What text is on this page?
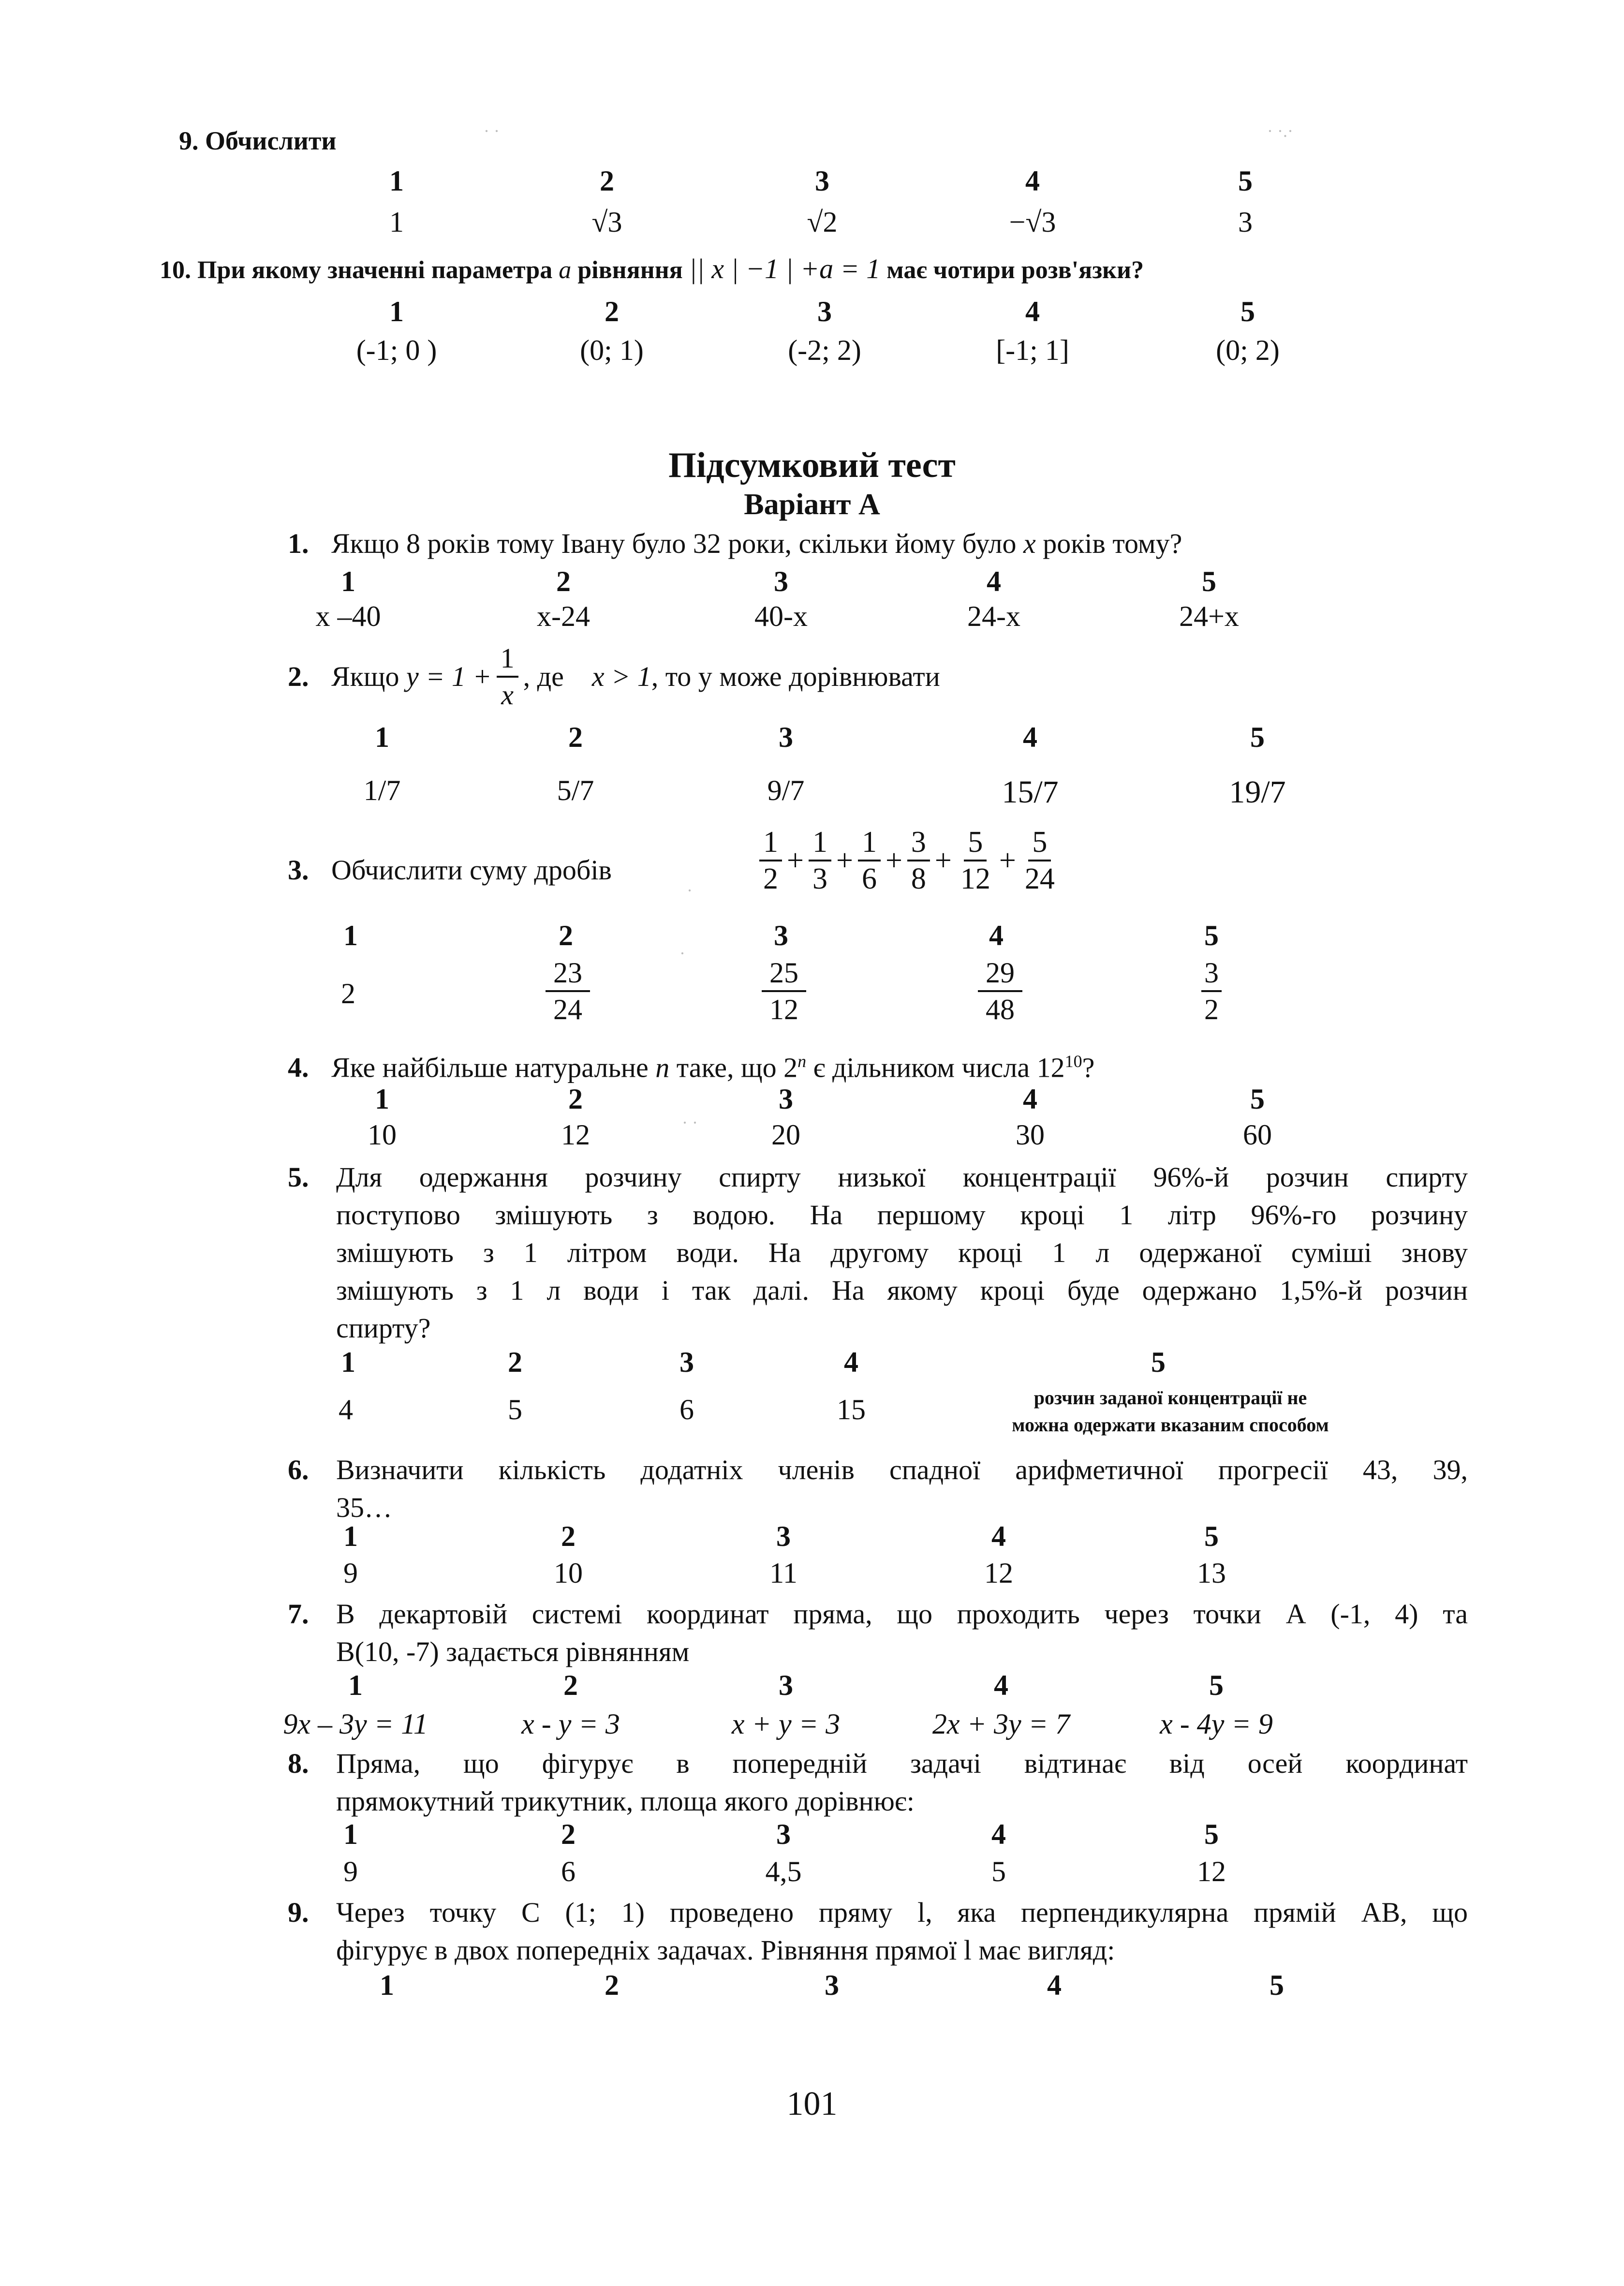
9. Обчислити
1	2	3	4	5
1	√3	√2	−√3	3
10. При якому значенні параметра a рівняння || x | −1 | +a = 1 має чотири розв'язки?
1	2	3	4	5
(-1; 0 )	(0; 1)	(-2; 2)	[-1; 1]	(0; 2)
Підсумковий тест
Варіант А
1. Якщо 8 років тому Івану було 32 роки, скільки йому було x років тому?
1	2	3	4	5
x –40	x-24	40-x	24-x	24+x
2. Якщо
$y = 1 + \frac{1}{x}$ , де
x > 1 , то y може дорівнювати
1	2	3	4	5
1/7	5/7	9/7	15/7	19/7
3. Обчислити суму дробів	$\frac{1}{2} + \frac{1}{3} + \frac{1}{6} + \frac{3}{8} + \frac{5}{12} + \frac{5}{24}$
1	2	3	4	5
2	$\frac{23}{24}$	$\frac{25}{12}$	$\frac{29}{48}$	$\frac{3}{2}$
4. Яке найбільше натуральне n таке, що 2$^n$ є дільником числа $12^{10}$?
1	2	3	4	5
10	12	20	30	60
5. Для одержання розчину спирту низької концентрації 96%-й розчин спирту
поступово змішують з водою. На першому кроці 1 літр 96%-го розчину
змішують з 1 літром води. На другому кроці 1 л одержаної суміші знову
змішують з 1 л води і так далі. На якому кроці буде одержано 1,5%-й розчин
спирту?
1	2	3	4	5
4	5	6	15	розчин заданої концентрації не
можна одержати вказаним способом
6. Визначити кількість додатніх членів спадної арифметичної прогресії 43, 39,
35…
1	2	3	4	5
9	10	11	12	13
7. В декартовій системі координат пряма, що проходить через точки А (-1, 4) та
В(10, -7) задається рівнянням
1	2	3	4	5
9x – 3y = 11	x - y = 3	x + y = 3	2x + 3y = 7	x - 4y = 9
8. Пряма, що фігурує в попередній задачі відтинає від осей координат
прямокутний трикутник, площа якого дорівнює:
1	2	3	4	5
9	6	4,5	5	12
9. Через точку С (1; 1) проведено пряму l, яка перпендикулярна прямій АВ, що
фігурує в двох попередніх задачах. Рівняння прямої l має вигляд:
1	2	3	4	5
101
· ·	· ·.·
·
·
· ·
